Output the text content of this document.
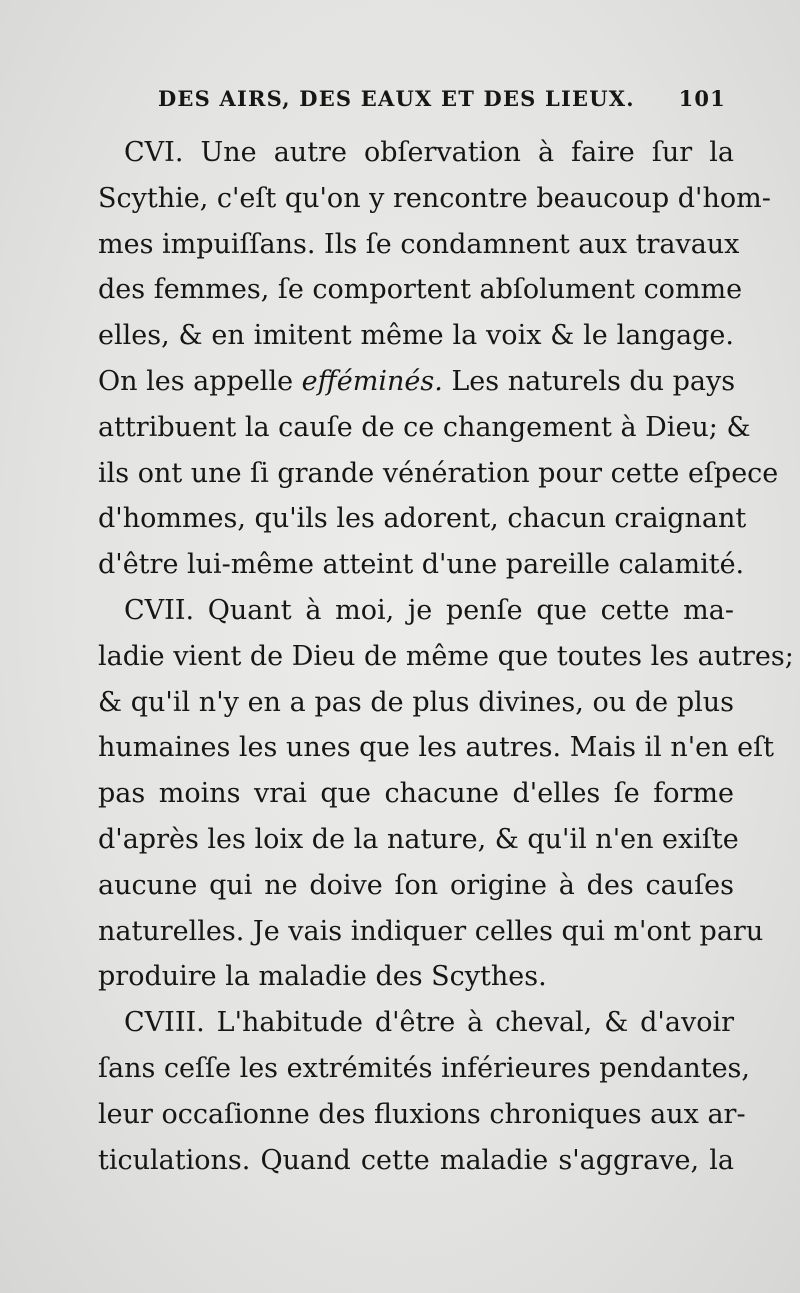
DES AIRS, DES EAUX ET DES LIEUX. 101
CVI. Une autre obſervation à faire ſur la
Scythie, c'eſt qu'on y rencontre beaucoup d'hom-
mes impuiſſans. Ils ſe condamnent aux travaux
des femmes, ſe comportent abſolument comme
elles, & en imitent même la voix & le langage.
On les appelle efféminés. Les naturels du pays
attribuent la cauſe de ce changement à Dieu; &
ils ont une ſi grande vénération pour cette eſpece
d'hommes, qu'ils les adorent, chacun craignant
d'être lui-même atteint d'une pareille calamité.
CVII. Quant à moi, je penſe que cette ma-
ladie vient de Dieu de même que toutes les autres;
& qu'il n'y en a pas de plus divines, ou de plus
humaines les unes que les autres. Mais il n'en eſt
pas moins vrai que chacune d'elles ſe forme
d'après les loix de la nature, & qu'il n'en exiſte
aucune qui ne doive ſon origine à des cauſes
naturelles. Je vais indiquer celles qui m'ont paru
produire la maladie des Scythes.
CVIII. L'habitude d'être à cheval, & d'avoir
ſans ceſſe les extrémités inférieures pendantes,
leur occaſionne des fluxions chroniques aux ar-
ticulations. Quand cette maladie s'aggrave, la
